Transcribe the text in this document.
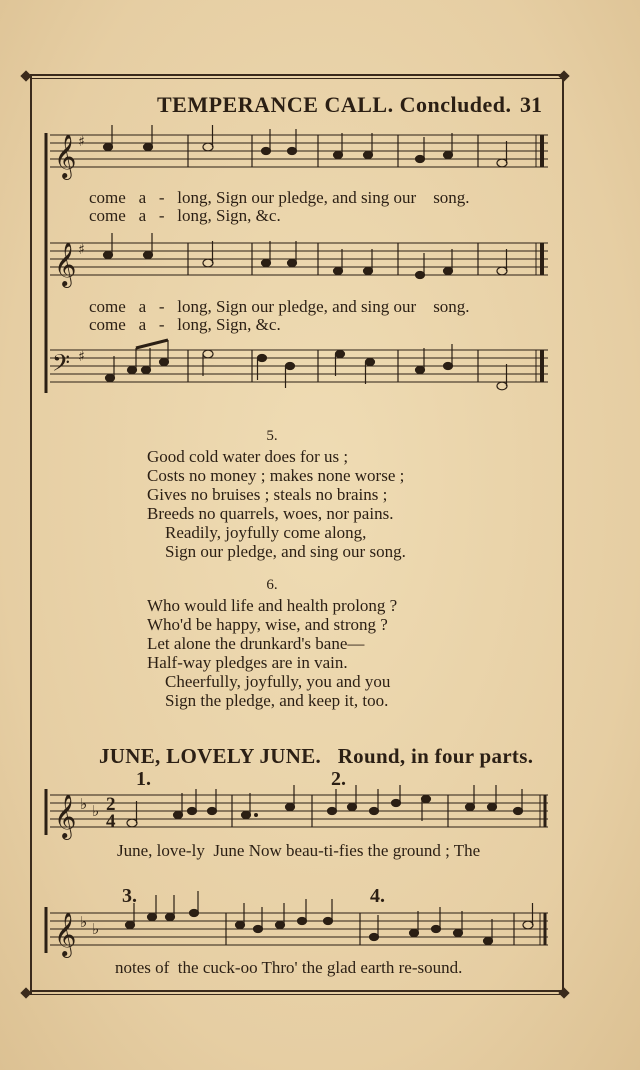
TEMPERANCE CALL. Concluded. 31
𝄞 ♯
𝄞 ♯
𝄢 ♯
come   a   -   long, Sign our pledge, and sing our    song.
come   a   -   long, Sign, &c.
come   a   -   long, Sign our pledge, and sing our    song.
come   a   -   long, Sign, &c.
5.
Good cold water does for us ;
Costs no money ; makes none worse ;
Gives no bruises ; steals no brains ;
Breeds no quarrels, woes, nor pains.
Readily, joyfully come along,
Sign our pledge, and sing our song.
6.
Who would life and health prolong ?
Who'd be happy, wise, and strong ?
Let alone the drunkard's bane—
Half-way pledges are in vain.
Cheerfully, joyfully, you and you
Sign the pledge, and keep it, too.
JUNE, LOVELY JUNE.   Round, in four parts.
1.	2.
3.	4.
𝄞 ♭ ♭
𝄞 ♭ ♭
2
4
June, love-ly  June Now beau-ti-fies the ground ; The
notes of  the cuck-oo Thro' the glad earth re-sound.
